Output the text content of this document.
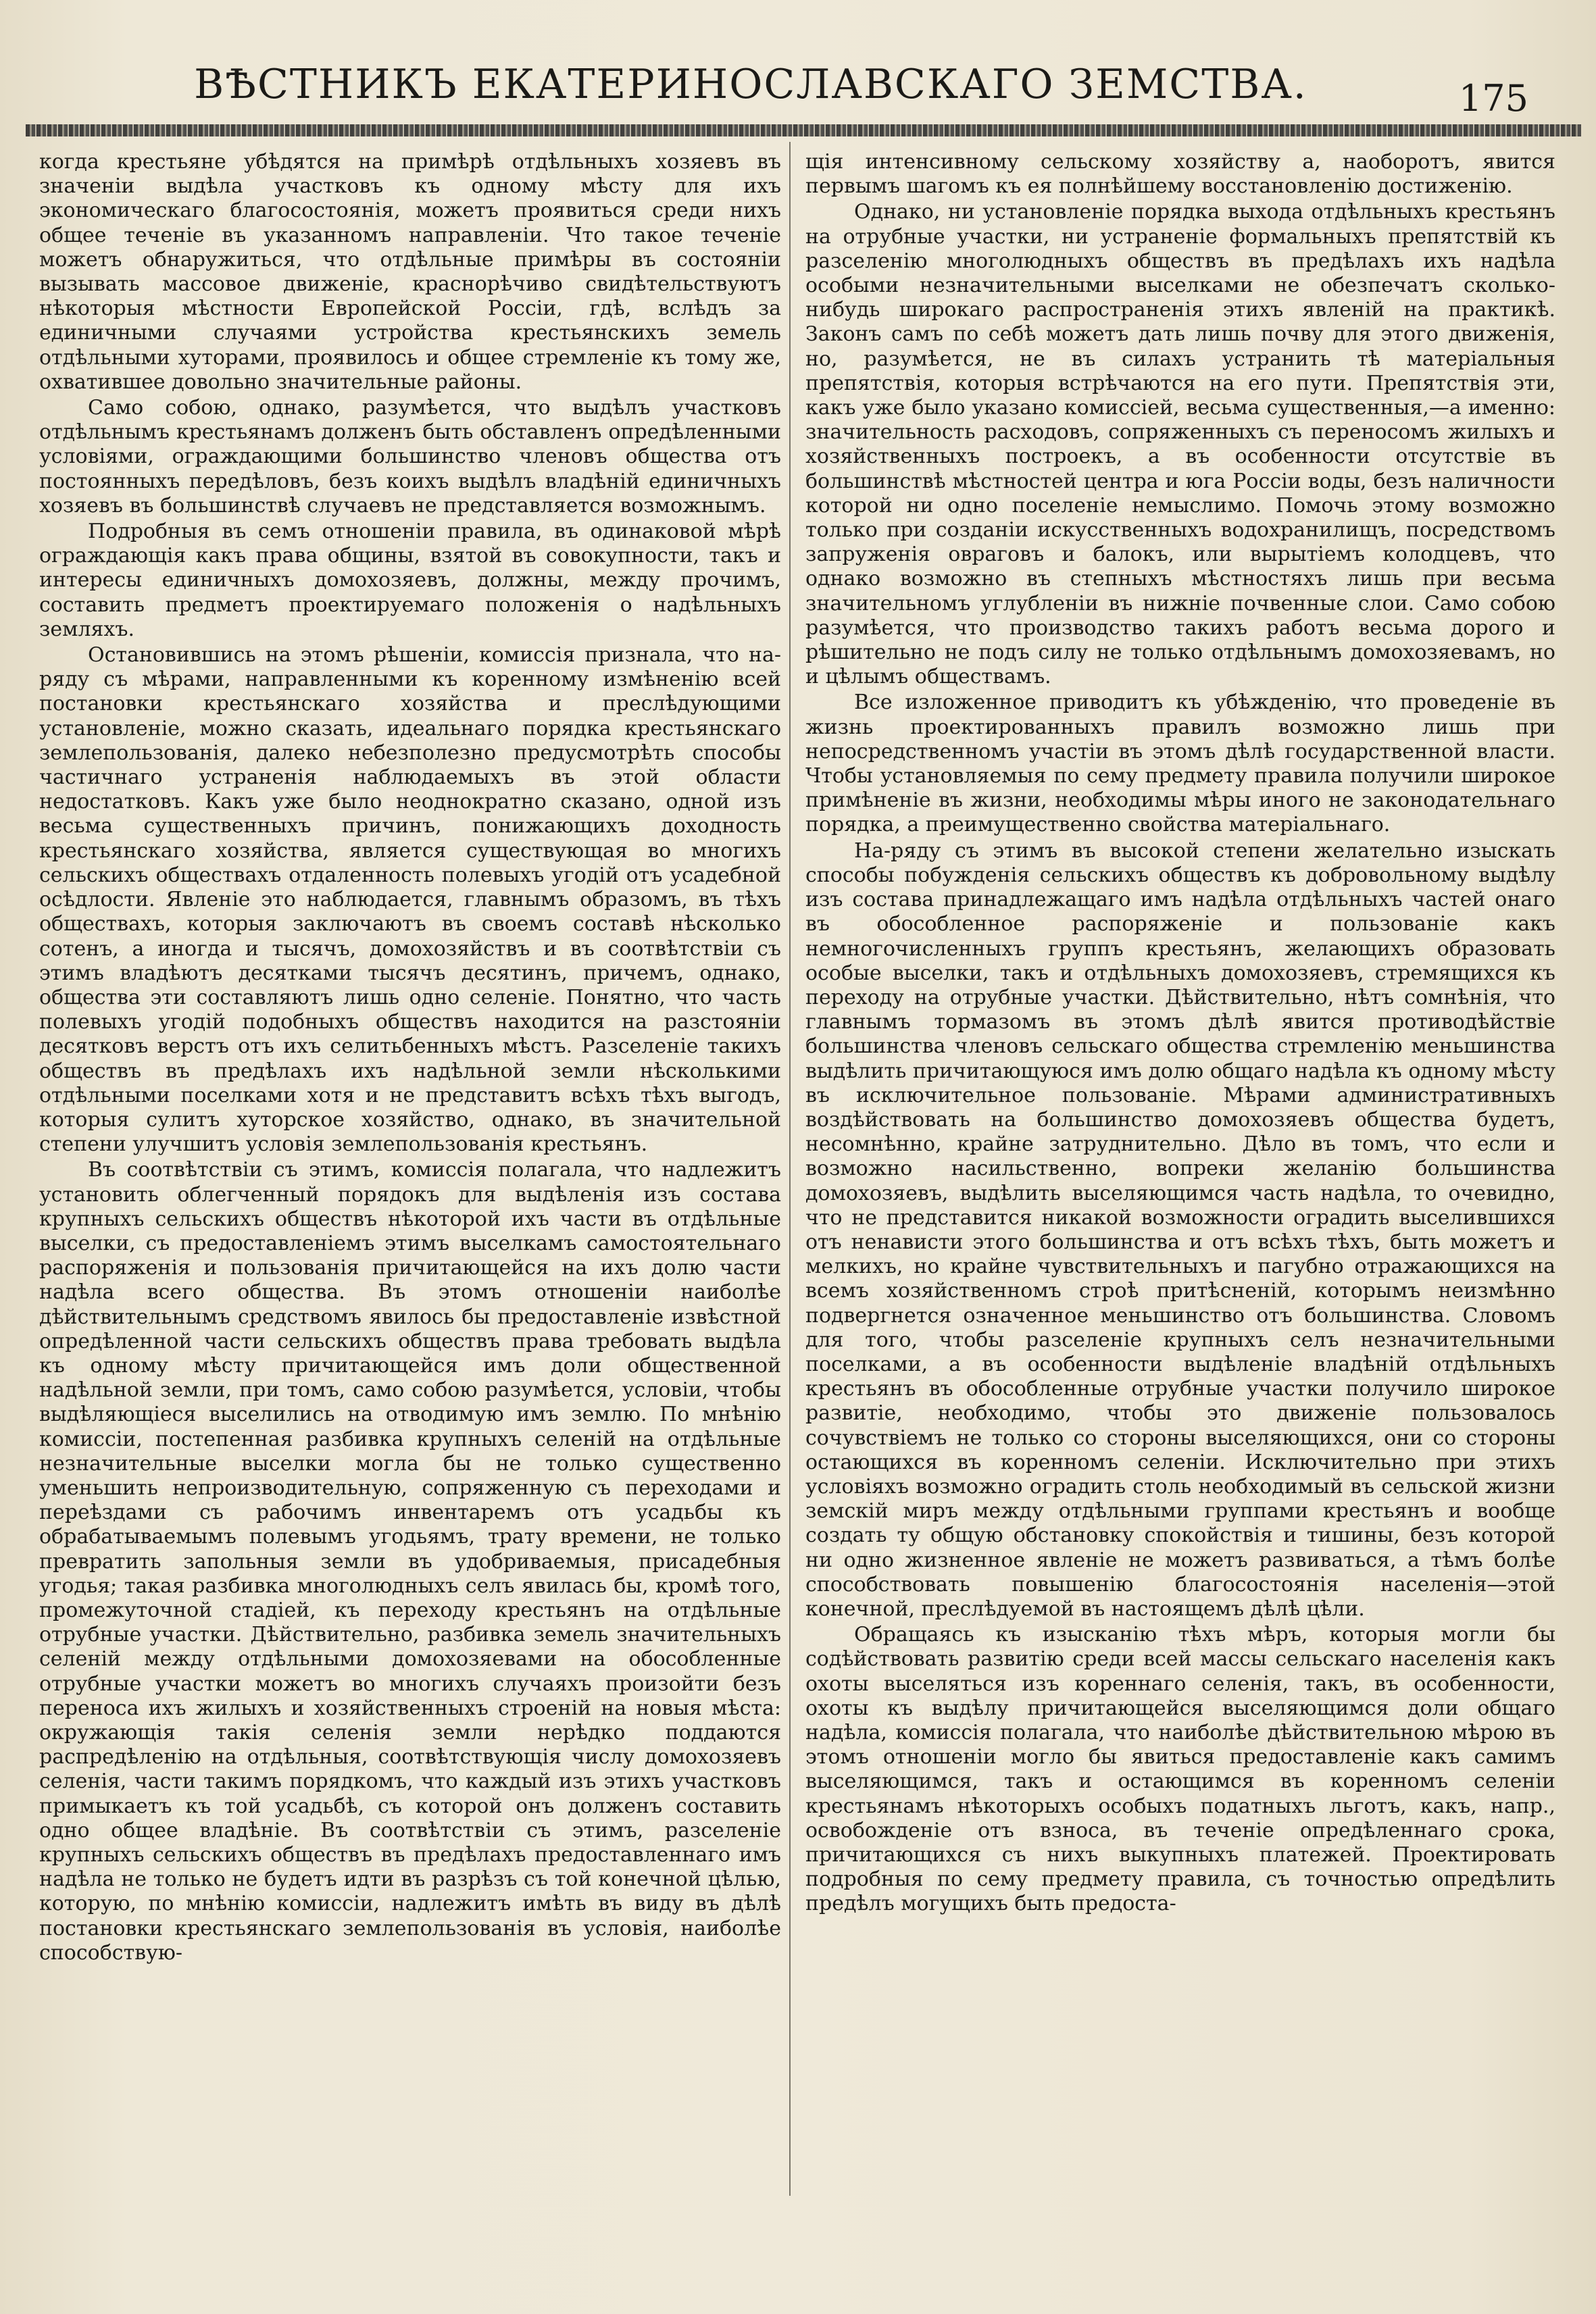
ВѢСТНИКЪ ЕКАТЕРИНОСЛАВСКАГО ЗЕМСТВА.	175

когда крестьяне убѣдятся на примѣрѣ отдѣльныхъ хозяевъ въ значенiи выдѣла участковъ къ одному мѣсту для ихъ экономическаго благосостоянiя, можетъ проявиться среди нихъ общее теченiе въ указанномъ направленiи. Что такое теченiе можетъ обнаружиться, что отдѣльные примѣры въ состоянiи вызывать массовое движенiе, краснорѣчиво свидѣтельствуютъ нѣкоторыя мѣстности Европейской Россiи, гдѣ, вслѣдъ за единичными случаями устройства крестьянскихъ земель отдѣльными хуторами, проявилось и общее стремленiе къ тому же, охватившее довольно значительные районы.

Само собою, однако, разумѣется, что выдѣлъ участковъ отдѣльнымъ крестьянамъ долженъ быть обставленъ опредѣленными условiями, ограждающими большинство членовъ общества отъ постоянныхъ передѣловъ, безъ коихъ выдѣлъ владѣнiй единичныхъ хозяевъ въ большинствѣ случаевъ не представляется возможнымъ.

Подробныя въ семъ отношенiи правила, въ одинаковой мѣрѣ ограждающiя какъ права общины, взятой въ совокупности, такъ и интересы единичныхъ домохозяевъ, должны, между прочимъ, составить предметъ проектируемаго положенiя о надѣльныхъ земляхъ.

Остановившись на этомъ рѣшенiи, комиссiя признала, что на-ряду съ мѣрами, направленными къ коренному измѣненiю всей постановки крестьянскаго хозяйства и преслѣдующими установленiе, можно сказать, идеальнаго порядка крестьянскаго землепользованiя, далеко небезполезно предусмотрѣть способы частичнаго устраненiя наблюдаемыхъ въ этой области недостатковъ. Какъ уже было неоднократно сказано, одной изъ весьма существенныхъ причинъ, понижающихъ доходность крестьянскаго хозяйства, является существующая во многихъ сельскихъ обществахъ отдаленность полевыхъ угодiй отъ усадебной осѣдлости. Явленiе это наблюдается, главнымъ образомъ, въ тѣхъ обществахъ, которыя заключаютъ въ своемъ составѣ нѣсколько сотенъ, а иногда и тысячъ, домохозяйствъ и въ соотвѣтствiи съ этимъ владѣютъ десятками тысячъ десятинъ, причемъ, однако, общества эти составляютъ лишь одно селенiе. Понятно, что часть полевыхъ угодiй подобныхъ обществъ находится на разстоянiи десятковъ верстъ отъ ихъ селитьбенныхъ мѣстъ. Разселенiе такихъ обществъ въ предѣлахъ ихъ надѣльной земли нѣсколькими отдѣльными поселками хотя и не представитъ всѣхъ тѣхъ выгодъ, которыя сулитъ хуторское хозяйство, однако, въ значительной степени улучшитъ условiя землепользованiя крестьянъ.

Въ соотвѣтствiи съ этимъ, комиссiя полагала, что надлежитъ установить облегченный порядокъ для выдѣленiя изъ состава крупныхъ сельскихъ обществъ нѣкоторой ихъ части въ отдѣльные выселки, съ предоставленiемъ этимъ выселкамъ самостоятельнаго распоряженiя и пользованiя причитающейся на ихъ долю части надѣла всего общества. Въ этомъ отношенiи наиболѣе дѣйствительнымъ средствомъ явилось бы предоставленiе извѣстной опредѣленной части сельскихъ обществъ права требовать выдѣла къ одному мѣсту причитающейся имъ доли общественной надѣльной земли, при томъ, само собою разумѣется, условiи, чтобы выдѣляющiеся выселились на отводимую имъ землю. По мнѣнiю комиссiи, постепенная разбивка крупныхъ селенiй на отдѣльные незначительные выселки могла бы не только существенно уменьшить непроизводительную, сопряженную съ переходами и переѣздами съ рабочимъ инвентаремъ отъ усадьбы къ обрабатываемымъ полевымъ угодьямъ, трату времени, не только превратить запольныя земли въ удобриваемыя, присадебныя угодья; такая разбивка многолюдныхъ селъ явилась бы, кромѣ того, промежуточной стадiей, къ переходу крестьянъ на отдѣльные отрубные участки. Дѣйствительно, разбивка земель значительныхъ селенiй между отдѣльными домохозяевами на обособленные отрубные участки можетъ во многихъ случаяхъ произойти безъ переноса ихъ жилыхъ и хозяйственныхъ строенiй на новыя мѣста: окружающiя такiя селенiя земли нерѣдко поддаются распредѣленiю на отдѣльныя, соотвѣтствующiя числу домохозяевъ селенiя, части такимъ порядкомъ, что каждый изъ этихъ участковъ примыкаетъ къ той усадьбѣ, съ которой онъ долженъ составить одно общее владѣнiе. Въ соотвѣтствiи съ этимъ, разселенiе крупныхъ сельскихъ обществъ въ предѣлахъ предоставленнаго имъ надѣла не только не будетъ идти въ разрѣзъ съ той конечной цѣлью, которую, по мнѣнiю комиссiи, надлежитъ имѣть въ виду въ дѣлѣ постановки крестьянскаго землепользованiя въ условiя, наиболѣе способствую-

щiя интенсивному сельскому хозяйству а, наоборотъ, явится первымъ шагомъ къ ея полнѣйшему восстановленiю достиженiю.

Однако, ни установленiе порядка выхода отдѣльныхъ крестьянъ на отрубные участки, ни устраненiе формальныхъ препятствiй къ разселенiю многолюдныхъ обществъ въ предѣлахъ ихъ надѣла особыми незначительными выселками не обезпечатъ сколько-нибудь широкаго распространенiя этихъ явленiй на практикѣ. Законъ самъ по себѣ можетъ дать лишь почву для этого движенiя, но, разумѣется, не въ силахъ устранить тѣ матерiальныя препятствiя, которыя встрѣчаются на его пути. Препятствiя эти, какъ уже было указано комиссiей, весьма существенныя,—а именно: значительность расходовъ, сопряженныхъ съ переносомъ жилыхъ и хозяйственныхъ построекъ, а въ особенности отсутствiе въ большинствѣ мѣстностей центра и юга Россiи воды, безъ наличности которой ни одно поселенiе немыслимо. Помочь этому возможно только при созданiи искусственныхъ водохранилищъ, посредствомъ запруженiя овраговъ и балокъ, или вырытiемъ колодцевъ, что однако возможно въ степныхъ мѣстностяхъ лишь при весьма значительномъ углубленiи въ нижнiе почвенные слои. Само собою разумѣется, что производство такихъ работъ весьма дорого и рѣшительно не подъ силу не только отдѣльнымъ домохозяевамъ, но и цѣлымъ обществамъ.

Все изложенное приводитъ къ убѣжденiю, что проведенiе въ жизнь проектированныхъ правилъ возможно лишь при непосредственномъ участiи въ этомъ дѣлѣ государственной власти. Чтобы установляемыя по сему предмету правила получили широкое примѣненiе въ жизни, необходимы мѣры иного не законодательнаго порядка, а преимущественно свойства матерiальнаго.

На-ряду съ этимъ въ высокой степени желательно изыскать способы побужденiя сельскихъ обществъ къ добровольному выдѣлу изъ состава принадлежащаго имъ надѣла отдѣльныхъ частей онаго въ обособленное распоряженiе и пользованiе какъ немногочисленныхъ группъ крестьянъ, желающихъ образовать особые выселки, такъ и отдѣльныхъ домохозяевъ, стремящихся къ переходу на отрубные участки. Дѣйствительно, нѣтъ сомнѣнiя, что главнымъ тормазомъ въ этомъ дѣлѣ явится противодѣйствiе большинства членовъ сельскаго общества стремленiю меньшинства выдѣлить причитающуюся имъ долю общаго надѣла къ одному мѣсту въ исключительное пользованiе. Мѣрами административныхъ воздѣйствовать на большинство домохозяевъ общества будетъ, несомнѣнно, крайне затруднительно. Дѣло въ томъ, что если и возможно насильственно, вопреки желанiю большинства домохозяевъ, выдѣлить выселяющимся часть надѣла, то очевидно, что не представится никакой возможности оградить выселившихся отъ ненависти этого большинства и отъ всѣхъ тѣхъ, быть можетъ и мелкихъ, но крайне чувствительныхъ и пагубно отражающихся на всемъ хозяйственномъ строѣ притѣсненiй, которымъ неизмѣнно подвергнется означенное меньшинство отъ большинства. Словомъ для того, чтобы разселенiе крупныхъ селъ незначительными поселками, а въ особенности выдѣленiе владѣнiй отдѣльныхъ крестьянъ въ обособленные отрубные участки получило широкое развитiе, необходимо, чтобы это движенiе пользовалось сочувствiемъ не только со стороны выселяющихся, они со стороны остающихся въ коренномъ селенiи. Исключительно при этихъ условiяхъ возможно оградить столь необходимый въ сельской жизни земскiй миръ между отдѣльными группами крестьянъ и вообще создать ту общую обстановку спокойствiя и тишины, безъ которой ни одно жизненное явленiе не можетъ развиваться, а тѣмъ болѣе способствовать повышенiю благосостоянiя населенiя—этой конечной, преслѣдуемой въ настоящемъ дѣлѣ цѣли.

Обращаясь къ изысканiю тѣхъ мѣръ, которыя могли бы содѣйствовать развитiю среди всей массы сельскаго населенiя какъ охоты выселяться изъ кореннаго селенiя, такъ, въ особенности, охоты къ выдѣлу причитающейся выселяющимся доли общаго надѣла, комиссiя полагала, что наиболѣе дѣйствительною мѣрою въ этомъ отношенiи могло бы явиться предоставленiе какъ самимъ выселяющимся, такъ и остающимся въ коренномъ селенiи крестьянамъ нѣкоторыхъ особыхъ податныхъ льготъ, какъ, напр., освобожденiе отъ взноса, въ теченiе опредѣленнаго срока, причитающихся съ нихъ выкупныхъ платежей. Проектировать подробныя по сему предмету правила, съ точностью опредѣлить предѣлъ могущихъ быть предоста-
